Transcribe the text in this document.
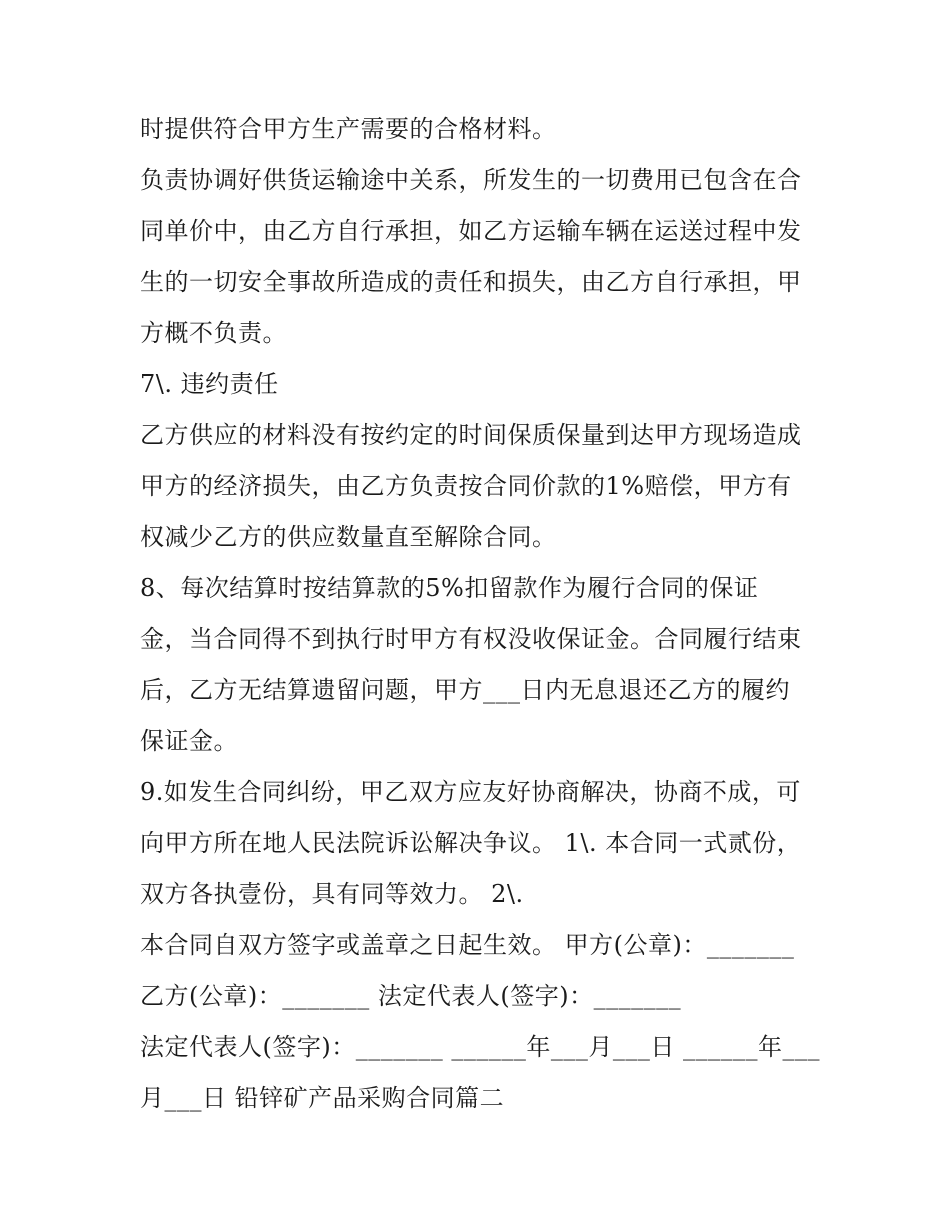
时提供符合甲方生产需要的合格材料。
负责协调好供货运输途中关系，所发生的一切费用已包含在合
同单价中，由乙方自行承担，如乙方运输车辆在运送过程中发
生的一切安全事故所造成的责任和损失，由乙方自行承担，甲
方概不负责。
7\. 违约责任
乙方供应的材料没有按约定的时间保质保量到达甲方现场造成
甲方的经济损失，由乙方负责按合同价款的1%赔偿，甲方有
权减少乙方的供应数量直至解除合同。
8、每次结算时按结算款的5%扣留款作为履行合同的保证
金，当合同得不到执行时甲方有权没收保证金。合同履行结束
后，乙方无结算遗留问题，甲方___日内无息退还乙方的履约
保证金。
9.如发生合同纠纷，甲乙双方应友好协商解决，协商不成，可
向甲方所在地人民法院诉讼解决争议。 1\. 本合同一式贰份，
双方各执壹份，具有同等效力。 2\.
本合同自双方签字或盖章之日起生效。 甲方(公章)：_______
乙方(公章)：_______ 法定代表人(签字)：_______
法定代表人(签字)：_______ ______年___月___日 ______年___
月___日 铅锌矿产品采购合同篇二
